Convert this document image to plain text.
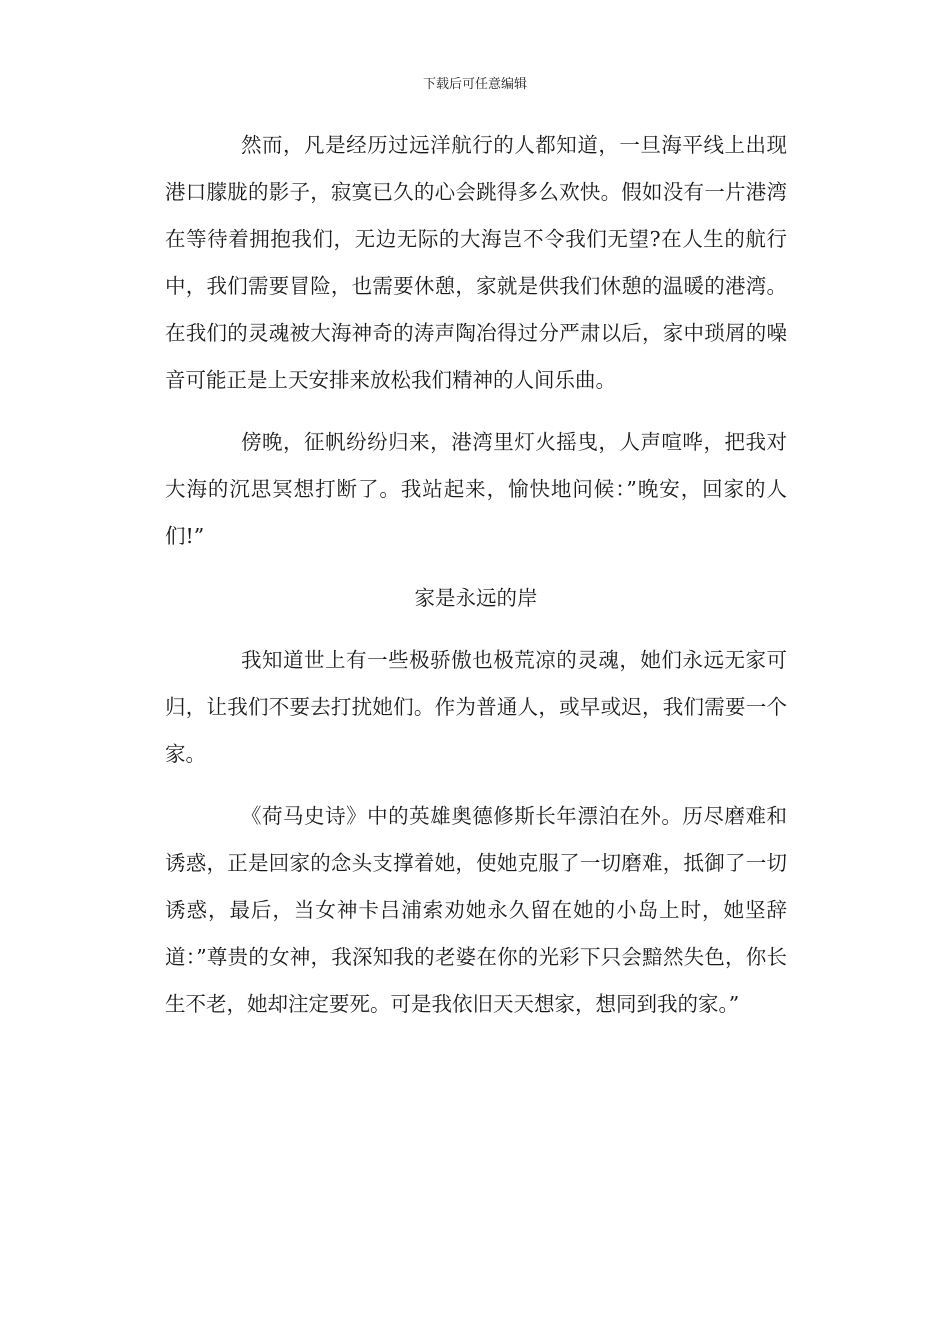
下载后可任意编辑

然而，凡是经历过远洋航行的人都知道，一旦海平线上出现港口朦胧的影子，寂寞已久的心会跳得多么欢快。假如没有一片港湾在等待着拥抱我们，无边无际的大海岂不令我们无望?在人生的航行中，我们需要冒险，也需要休憩，家就是供我们休憩的温暖的港湾。在我们的灵魂被大海神奇的涛声陶冶得过分严肃以后，家中琐屑的噪音可能正是上天安排来放松我们精神的人间乐曲。

傍晚，征帆纷纷归来，港湾里灯火摇曳，人声喧哗，把我对大海的沉思冥想打断了。我站起来，愉快地问候：”晚安，回家的人们!”

家是永远的岸

我知道世上有一些极骄傲也极荒凉的灵魂，她们永远无家可归，让我们不要去打扰她们。作为普通人，或早或迟，我们需要一个家。

《荷马史诗》中的英雄奥德修斯长年漂泊在外。历尽磨难和诱惑，正是回家的念头支撑着她，使她克服了一切磨难，抵御了一切诱惑，最后，当女神卡吕浦索劝她永久留在她的小岛上时，她坚辞道：”尊贵的女神，我深知我的老婆在你的光彩下只会黯然失色，你长生不老，她却注定要死。可是我依旧天天想家，想同到我的家。”
